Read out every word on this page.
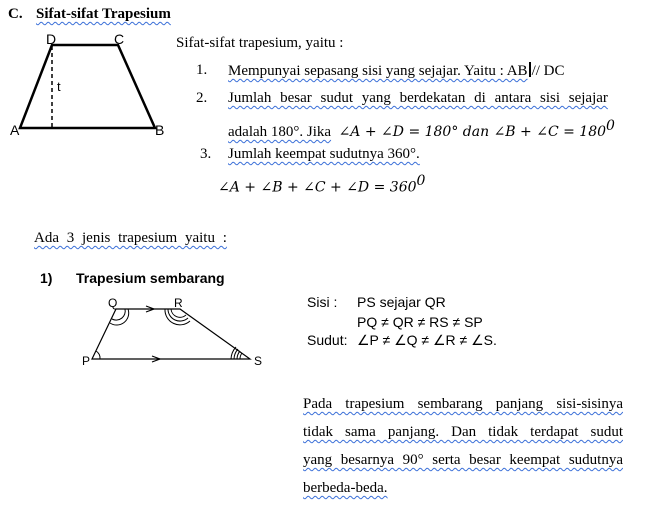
C. Sifat-sifat Trapesium
A	B
C
D
t
Sifat-sifat trapesium, yaitu :
1. Mempunyai sepasang sisi yang sejajar. Yaitu : AB // DC
2. Jumlah besar sudut yang berdekatan di antara sisi sejajar
adalah 180°. Jika ∠A + ∠D = 180° dan ∠B + ∠C = $180^0$
3. Jumlah keempat sudutnya 360°.
∠A + ∠B + ∠C + ∠D = $360^0$
Ada 3 jenis trapesium yaitu :
1) Trapesium sembarang
P	S
Q	R	Sisi : PS sejajar QR
PQ ≠ QR ≠ RS ≠ SP
Sudut: ∠P ≠ ∠Q ≠ ∠R ≠ ∠S.
Pada trapesium sembarang panjang sisi-sisinya
tidak sama panjang. Dan tidak terdapat sudut
yang besarnya 90° serta besar keempat sudutnya
berbeda-beda.
